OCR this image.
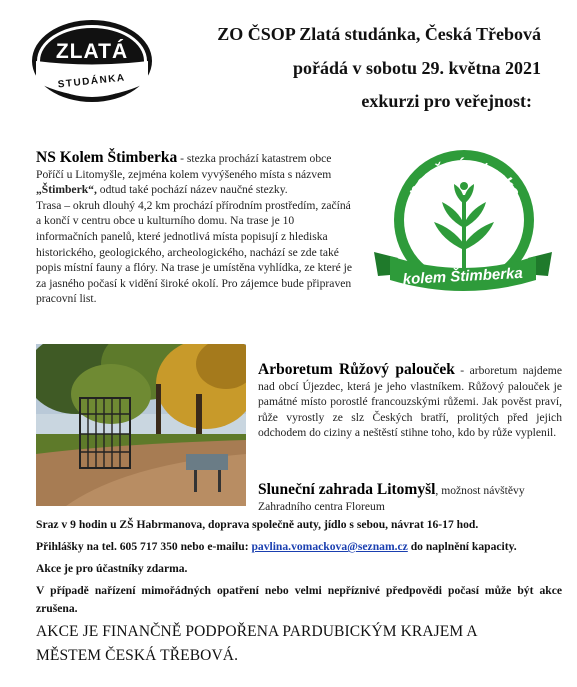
ZLATÁ
STUDÁNKA
ZO ČSOP Zlatá studánka, Česká Třebová
pořádá v sobotu 29. května 2021
exkurzi pro veřejnost:
NS Kolem Štimberka - stezka prochází katastrem obce Poříčí u Litomyšle, zejména kolem vyvýšeného místa s názvem
„Štimberk“, odtud také pochází název naučné stezky.
Trasa – okruh dlouhý 4,2 km prochází přírodním prostředím, začíná a končí v centru obce u kulturního domu. Na trase je 10 informačních panelů, které jednotlivá místa popisují z hlediska historického, geologického, archeologického, nachází se zde také popis místní fauny a flóry. Na trase je umístěna vyhlídka, ze které je za jasného počasí k vidění široké okolí. Pro zájemce bude připraven pracovní list.
naučná stezka
kolem Štimberka
Arboretum Růžový palouček - arboretum najdeme nad obcí Újezdec, která je jeho vlastníkem. Růžový palouček je památné místo porostlé francouzskými růžemi. Jak pověst praví, růže vyrostly ze slz Českých bratří, prolitých před jejich odchodem do ciziny a neštěstí stihne toho, kdo by růže vyplenil.
Sluneční zahrada Litomyšl, možnost návštěvy Zahradního centra Floreum
Sraz v 9 hodin u ZŠ Habrmanova, doprava společně auty, jídlo s sebou, návrat 16-17 hod.
Přihlášky na tel. 605 717 350 nebo e-mailu: pavlina.vomackova@seznam.cz do naplnění kapacity.
Akce je pro účastníky zdarma.
V případě nařízení mimořádných opatření nebo velmi nepříznivé předpovědi počasí může být akce zrušena.
AKCE JE FINANČNĚ PODPOŘENA PARDUBICKÝM KRAJEM A
MĚSTEM ČESKÁ TŘEBOVÁ.
